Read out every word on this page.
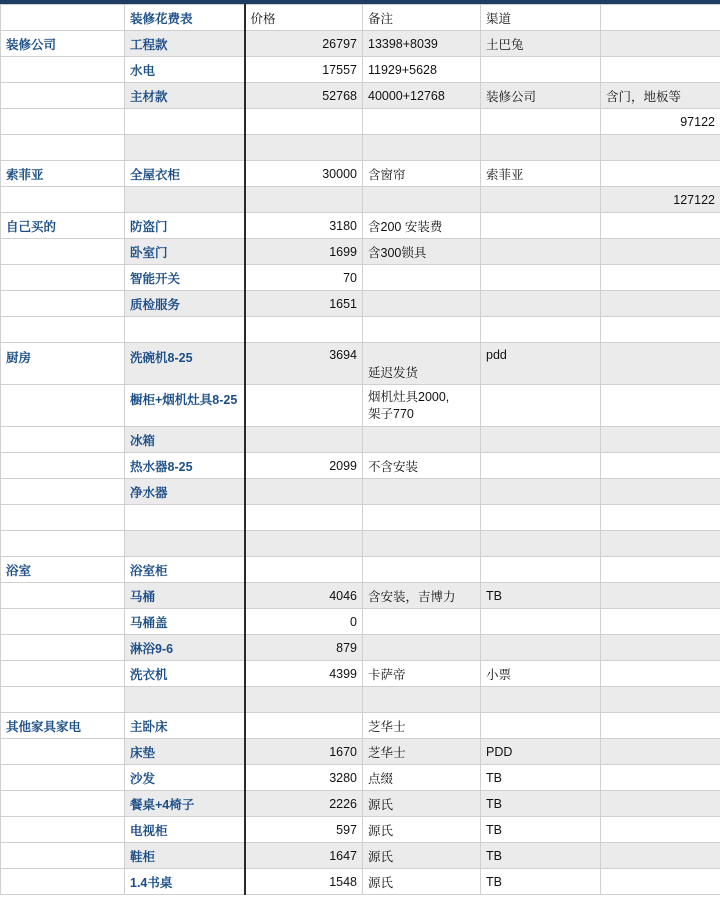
	装修花费表	价格	备注	渠道	
装修公司	工程款	26797	13398+8039	土巴兔	
	水电	17557	11929+5628		
	主材款	52768	40000+12768	装修公司	含门，地板等
					97122

索菲亚	全屋衣柜	30000	含窗帘	索菲亚	
					127122
自己买的	防盗门	3180	含200 安装费		
	卧室门	1699	含300锁具		
	智能开关	70			
	质检服务	1651			

厨房	洗碗机8-25	3694	延迟发货	pdd	
	橱柜+烟机灶具8-25		烟机灶具2000,
架子770		
	冰箱				
	热水器8-25	2099	不含安装		
	净水器				

浴室	浴室柜				
	马桶	4046	含安装，吉博力	TB	
	马桶盖	0			
	淋浴9-6	879			
	洗衣机	4399	卡萨帝	小票	

其他家具家电	主卧床		芝华士		
	床垫	1670	芝华士	PDD	
	沙发	3280	点缀	TB	
	餐桌+4椅子	2226	源氏	TB	
	电视柜	597	源氏	TB	
	鞋柜	1647	源氏	TB	
	1.4书桌	1548	源氏	TB	
